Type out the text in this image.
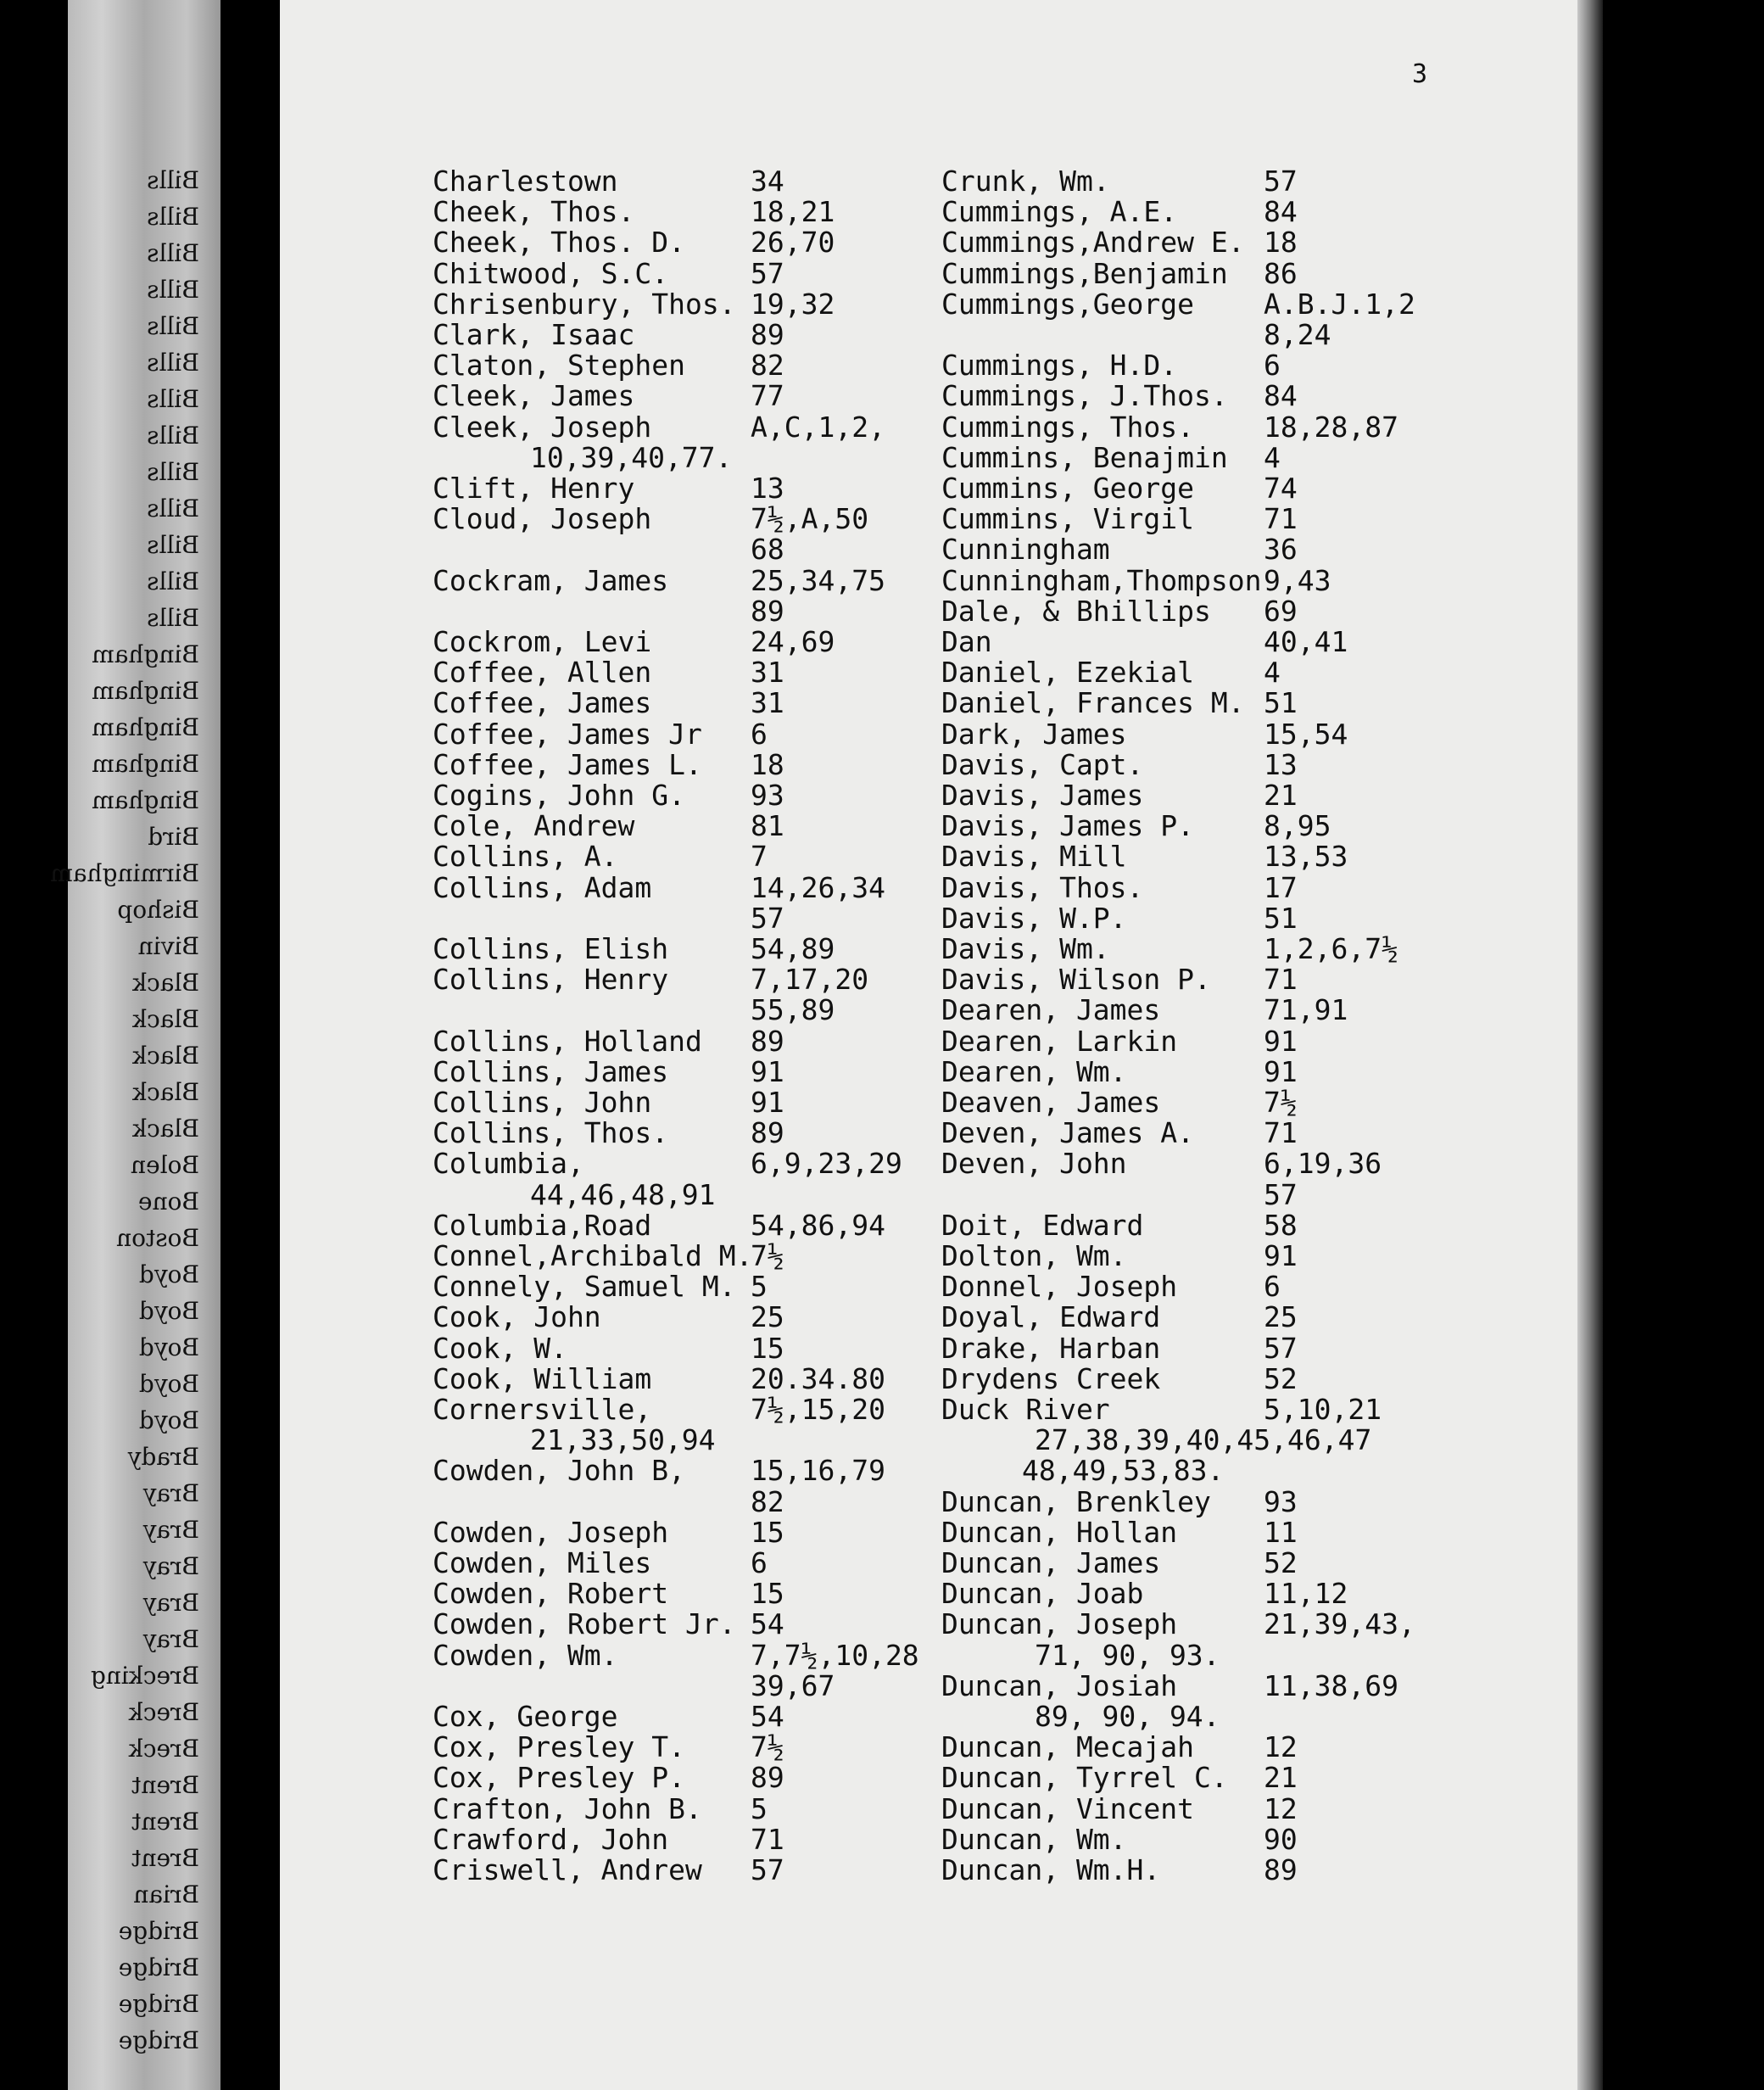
Bills
Bills
Bills
Bills
Bills
Bills
Bills
Bills
Bills
Bills
Bills
Bills
Bills
Bingham
Bingham
Bingham
Bingham
Bingham
Bird
Birmingham
Bishop
Bivin
Black
Black
Black
Black
Black
Bolen
Bone
Boston
Boyd
Boyd
Boyd
Boyd
Boyd
Brady
Bray
Bray
Bray
Bray
Bray
Brecking
Breck
Breck
Brent
Brent
Brent
Brian
Bridge
Bridge
Bridge
Bridge
3
Charlestown	34
Cheek, Thos.	18,21
Cheek, Thos. D. 26,70
Chitwood, S.C.	57
Chrisenbury, Thos. 19,32
Clark, Isaac	89
Claton, Stephen 82
Cleek, James	77
Cleek, Joseph	A,C,1,2,
10,39,40,77.
Clift, Henry	13
Cloud, Joseph	7½,A,50
68
Cockram, James	25,34,75
89
Cockrom, Levi	24,69
Coffee, Allen	31
Coffee, James	31
Coffee, James Jr 6
Coffee, James L. 18
Cogins, John G. 93
Cole, Andrew	81
Collins, A.	7
Collins, Adam	14,26,34
57
Collins, Elish	54,89
Collins, Henry	7,17,20
55,89
Collins, Holland 89
Collins, James	91
Collins, John	91
Collins, Thos.	89
Columbia,	6,9,23,29
44,46,48,91
Columbia,Road	54,86,94
Connel,Archibald M.
7½
Connely, Samuel M. 5
Cook, John	25
Cook, W.	15
Cook, William	20.34.80
Cornersville,	7½,15,20
21,33,50,94
Cowden, John B, 15,16,79
82
Cowden, Joseph	15
Cowden, Miles	6
Cowden, Robert	15
Cowden, Robert Jr. 54
Cowden, Wm.	7,7½,10,28
39,67
Cox, George	54
Cox, Presley T. 7½
Cox, Presley P. 89
Crafton, John B. 5
Crawford, John	71
Criswell, Andrew 57
Crunk, Wm.	57
Cummings, A.E.	84
Cummings,Andrew E. 18
Cummings,Benjamin 86
Cummings,George A.B.J.1,2
8,24
Cummings, H.D.	6
Cummings, J.Thos. 84
Cummings, Thos. 18,28,87
Cummins, Benajmin 4
Cummins, George 74
Cummins, Virgil 71
Cunningham	36
Cunningham,Thompson 9,43
Dale, & Bhillips 69
Dan	40,41
Daniel, Ezekial 4
Daniel, Frances M. 51
Dark, James	15,54
Davis, Capt.	13
Davis, James	21
Davis, James P. 8,95
Davis, Mill	13,53
Davis, Thos.	17
Davis, W.P.	51
Davis, Wm.	1,2,6,7½
Davis, Wilson P. 71
Dearen, James	71,91
Dearen, Larkin	91
Dearen, Wm.	91
Deaven, James	7½
Deven, James A. 71
Deven, John	6,19,36
57
Doit, Edward	58
Dolton, Wm.	91
Donnel, Joseph	6
Doyal, Edward	25
Drake, Harban	57
Drydens Creek	52
Duck River	5,10,21
27,38,39,40,45,46,47
48,49,53,83.
Duncan, Brenkley 93
Duncan, Hollan	11
Duncan, James	52
Duncan, Joab	11,12
Duncan, Joseph	21,39,43,
71, 90, 93.
Duncan, Josiah	11,38,69
89, 90, 94.
Duncan, Mecajah 12
Duncan, Tyrrel C. 21
Duncan, Vincent 12
Duncan, Wm.	90
Duncan, Wm.H.	89
